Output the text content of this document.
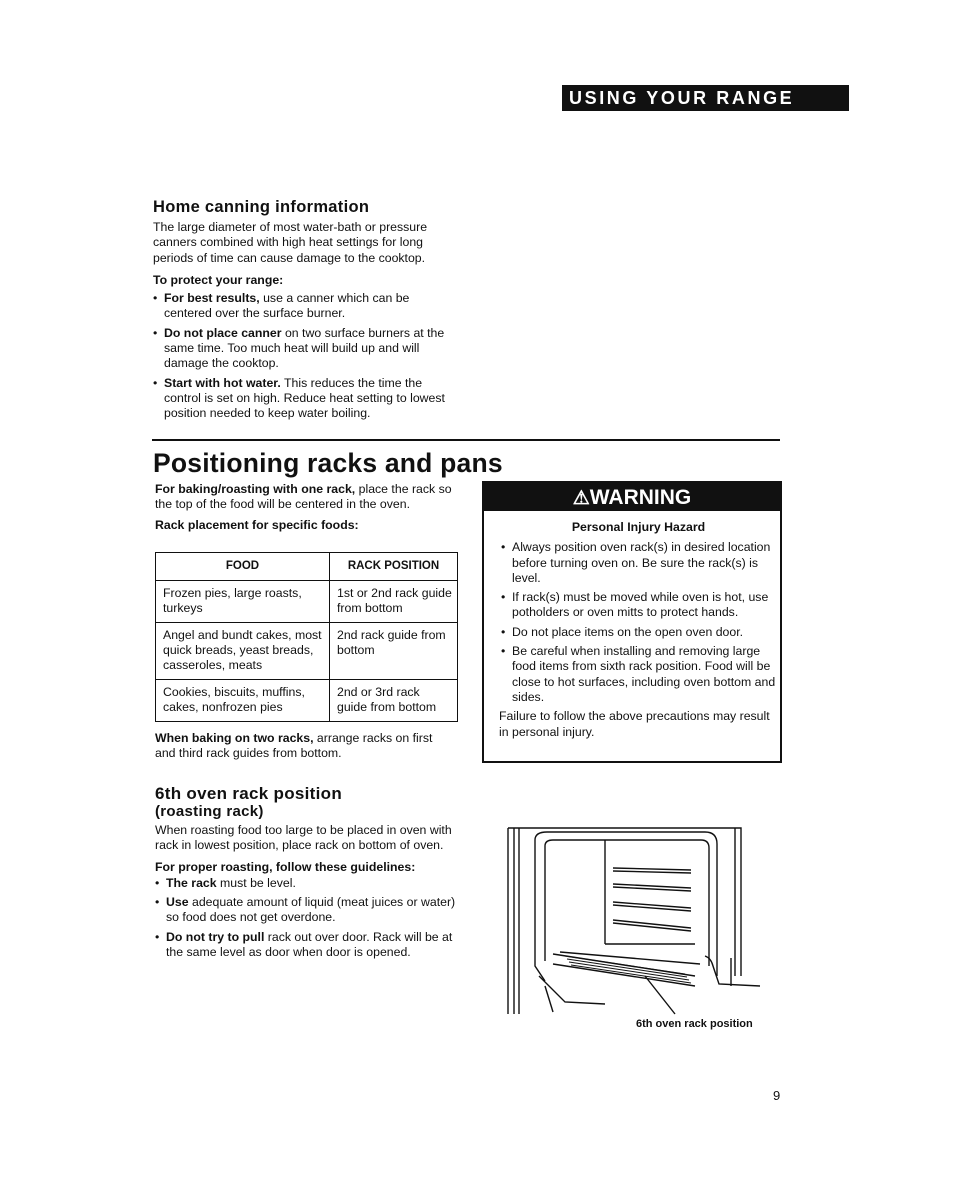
USING YOUR RANGE
Home canning information

The large diameter of most water-bath or pressure canners combined with high heat settings for long periods of time can cause damage to the cooktop.

To protect your range:

• For best results, use a canner which can be centered over the surface burner.
• Do not place canner on two surface burners at the same time. Too much heat will build up and will damage the cooktop.
• Start with hot water. This reduces the time the control is set on high. Reduce heat setting to lowest position needed to keep water boiling.
Positioning racks and pans

For baking/roasting with one rack, place the rack so the top of the food will be centered in the oven.

Rack placement for specific foods:

FOOD	RACK POSITION
Frozen pies, large roasts, turkeys	1st or 2nd rack guide from bottom
Angel and bundt cakes, most quick breads, yeast breads, casseroles, meats	2nd rack guide from bottom
Cookies, biscuits, muffins, cakes, nonfrozen pies	2nd or 3rd rack guide from bottom

When baking on two racks, arrange racks on first and third rack guides from bottom.

⚠WARNING
Personal Injury Hazard
• Always position oven rack(s) in desired location before turning oven on. Be sure the rack(s) is level.
• If rack(s) must be moved while oven is hot, use potholders or oven mitts to protect hands.
• Do not place items on the open oven door.
• Be careful when installing and removing large food items from sixth rack position. Food will be close to hot surfaces, including oven bottom and sides.

Failure to follow the above precautions may result in personal injury.

6th oven rack position
(roasting rack)

When roasting food too large to be placed in oven with rack in lowest position, place rack on bottom of oven.

For proper roasting, follow these guidelines:

• The rack must be level.
• Use adequate amount of liquid (meat juices or water) so food does not get overdone.
• Do not try to pull rack out over door. Rack will be at the same level as door when door is opened.
6th oven rack position
9
